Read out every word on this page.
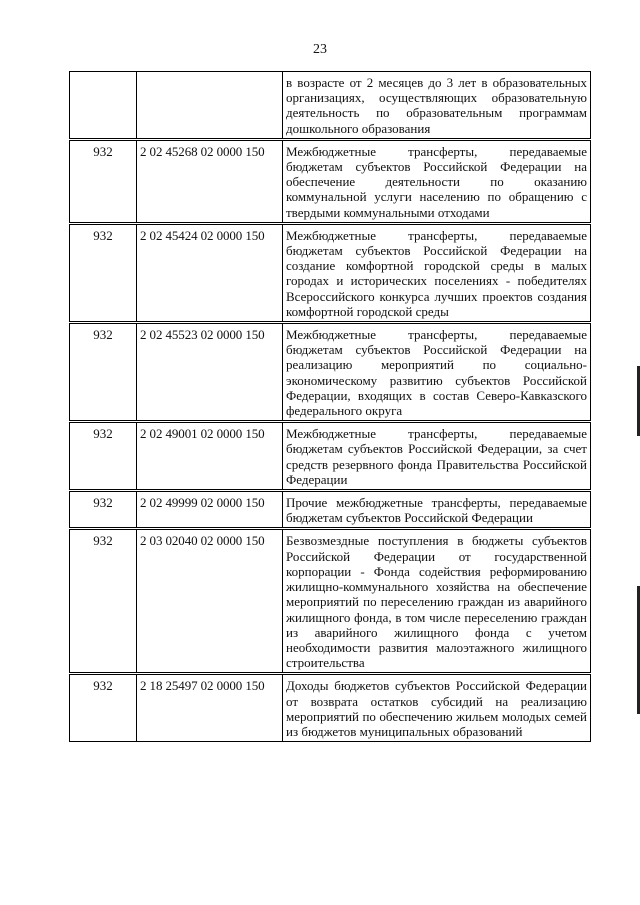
23
		в возрасте от 2 месяцев до 3 лет в образовательных организациях, осуществляющих образовательную деятельность по образовательным программам дошкольного образования
932	2 02 45268 02 0000 150	Межбюджетные трансферты, передаваемые бюджетам субъектов Российской Федерации на обеспечение деятельности по оказанию коммунальной услуги населению по обращению с твердыми коммунальными отходами
932	2 02 45424 02 0000 150	Межбюджетные трансферты, передаваемые бюджетам субъектов Российской Федерации на создание комфортной городской среды в малых городах и исторических поселениях - победителях Всероссийского конкурса лучших проектов создания комфортной городской среды
932	2 02 45523 02 0000 150	Межбюджетные трансферты, передаваемые бюджетам субъектов Российской Федерации на реализацию мероприятий по социально-экономическому развитию субъектов Российской Федерации, входящих в состав Северо-Кавказского федерального округа
932	2 02 49001 02 0000 150	Межбюджетные трансферты, передаваемые бюджетам субъектов Российской Федерации, за счет средств резервного фонда Правительства Российской Федерации
932	2 02 49999 02 0000 150	Прочие межбюджетные трансферты, передаваемые бюджетам субъектов Российской Федерации
932	2 03 02040 02 0000 150	Безвозмездные поступления в бюджеты субъектов Российской Федерации от государственной корпорации - Фонда содействия реформированию жилищно-коммунального хозяйства на обеспечение мероприятий по переселению граждан из аварийного жилищного фонда, в том числе переселению граждан из аварийного жилищного фонда с учетом необходимости развития малоэтажного жилищного строительства
932	2 18 25497 02 0000 150	Доходы бюджетов субъектов Российской Федерации от возврата остатков субсидий на реализацию мероприятий по обеспечению жильем молодых семей из бюджетов муниципальных образований
